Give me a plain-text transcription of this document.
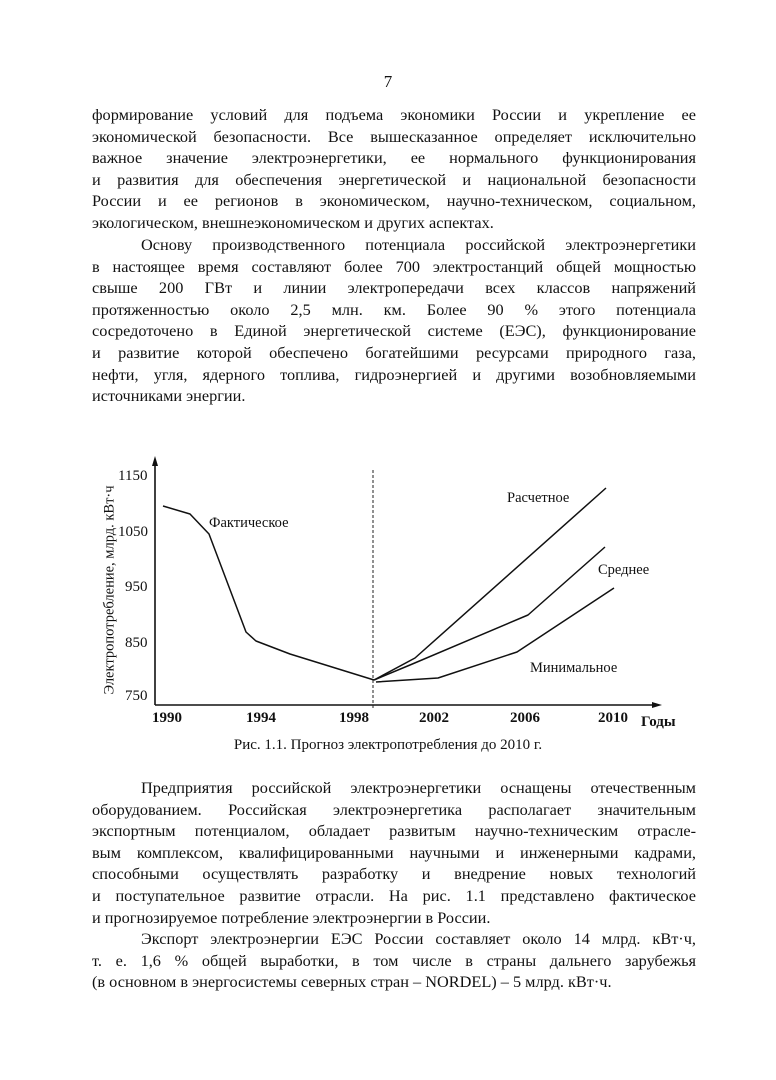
7
формирование условий для подъема экономики России и укрепление ее
экономической безопасности. Все вышесказанное определяет исключительно
важное значение электроэнергетики, ее нормального функционирования
и развития для обеспечения энергетической и национальной безопасности
России и ее регионов в экономическом, научно-техническом, социальном,
экологическом, внешнеэкономическом и других аспектах.
Основу производственного потенциала российской электроэнергетики
в настоящее время составляют более 700 электростанций общей мощностью
свыше 200 ГВт и линии электропередачи всех классов напряжений
протяженностью около 2,5 млн. км. Более 90 % этого потенциала
сосредоточено в Единой энергетической системе (ЕЭС), функционирование
и развитие которой обеспечено богатейшими ресурсами природного газа,
нефти, угля, ядерного топлива, гидроэнергией и другими возобновляемыми
источниками энергии.
1150
1050
950
850
750
1990	1994	1998	2002	2006	2010 Годы
Электропотребление, млрд. кВт·ч	Фактическое
Расчетное
Среднее
Минимальное
Рис. 1.1. Прогноз электропотребления до 2010 г.
Предприятия российской электроэнергетики оснащены отечественным
оборудованием. Российская электроэнергетика располагает значительным
экспортным потенциалом, обладает развитым научно-техническим отрасле-
вым комплексом, квалифицированными научными и инженерными кадрами,
способными осуществлять разработку и внедрение новых технологий
и поступательное развитие отрасли. На рис. 1.1 представлено фактическое
и прогнозируемое потребление электроэнергии в России.
Экспорт электроэнергии ЕЭС России составляет около 14 млрд. кВт·ч,
т. е. 1,6 % общей выработки, в том числе в страны дальнего зарубежья
(в основном в энергосистемы северных стран – NORDEL) – 5 млрд. кВт·ч.
